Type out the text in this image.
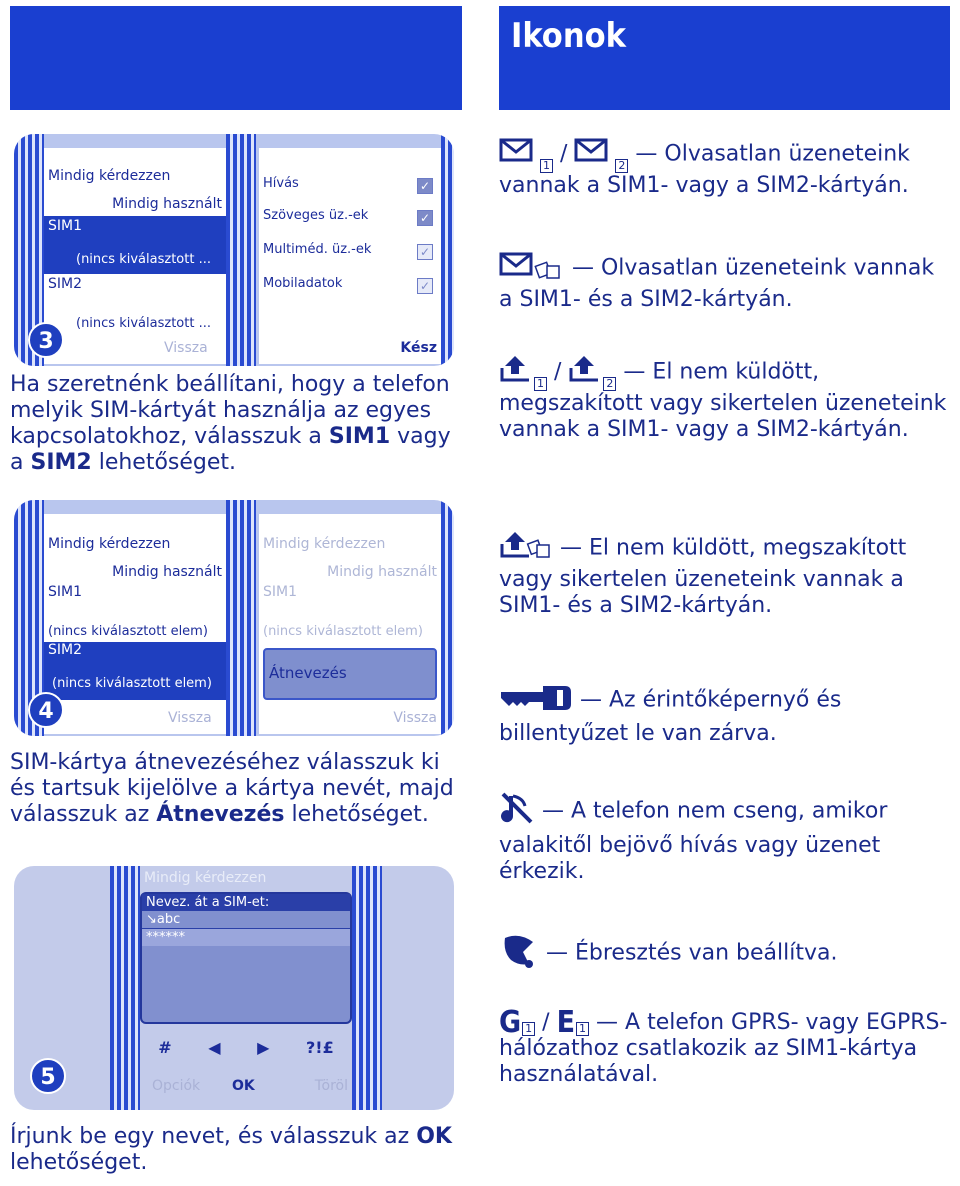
Ikonok
Mindig kérdezzen
Mindig használt
SIM1
(nincs kiválasztott ...
SIM2
(nincs kiválasztott ...
Vissza
Hívás	✓
Szöveges üz.-ek	✓
Multiméd. üz.-ek	✓
Mobiladatok	✓
Kész
3
Ha szeretnénk beállítani, hogy a telefon melyik SIM-kártyát használja az egyes kapcsolatokhoz, válasszuk a SIM1 vagy a SIM2 lehetőséget.
Mindig kérdezzen
Mindig használt
SIM1
(nincs kiválasztott elem)
SIM2
(nincs kiválasztott elem)
Vissza
Mindig kérdezzen
Mindig használt
SIM1
(nincs kiválasztott elem)
Átnevezés
Vissza
4
SIM-kártya átnevezéséhez válasszuk ki és tartsuk kijelölve a kártya nevét, majd válasszuk az Átnevezés lehetőséget.
Mindig kérdezzen
Nevez. át a SIM-et:
↘abc
******
# ◀ ▶ ?!£
Opciók OK	Töröl
5
Írjunk be egy nevet, és válasszuk az OK lehetőséget.
1 /	2 — Olvasatlan üzeneteink vannak a SIM1- vagy a SIM2-kártyán.
— Olvasatlan üzeneteink vannak a SIM1- és a SIM2-kártyán.
1 /	2 — El nem küldött, megszakított vagy sikertelen üzeneteink vannak a SIM1- vagy a SIM2-kártyán.
— El nem küldött, megszakított vagy sikertelen üzeneteink vannak a SIM1- és a SIM2-kártyán.
— Az érintőképernyő és billentyűzet le van zárva.
— A telefon nem cseng, amikor valakitől bejövő hívás vagy üzenet érkezik.
— Ébresztés van beállítva.
G 1 / E 1 — A telefon GPRS- vagy EGPRS-hálózathoz csatlakozik az SIM1-kártya használatával.
